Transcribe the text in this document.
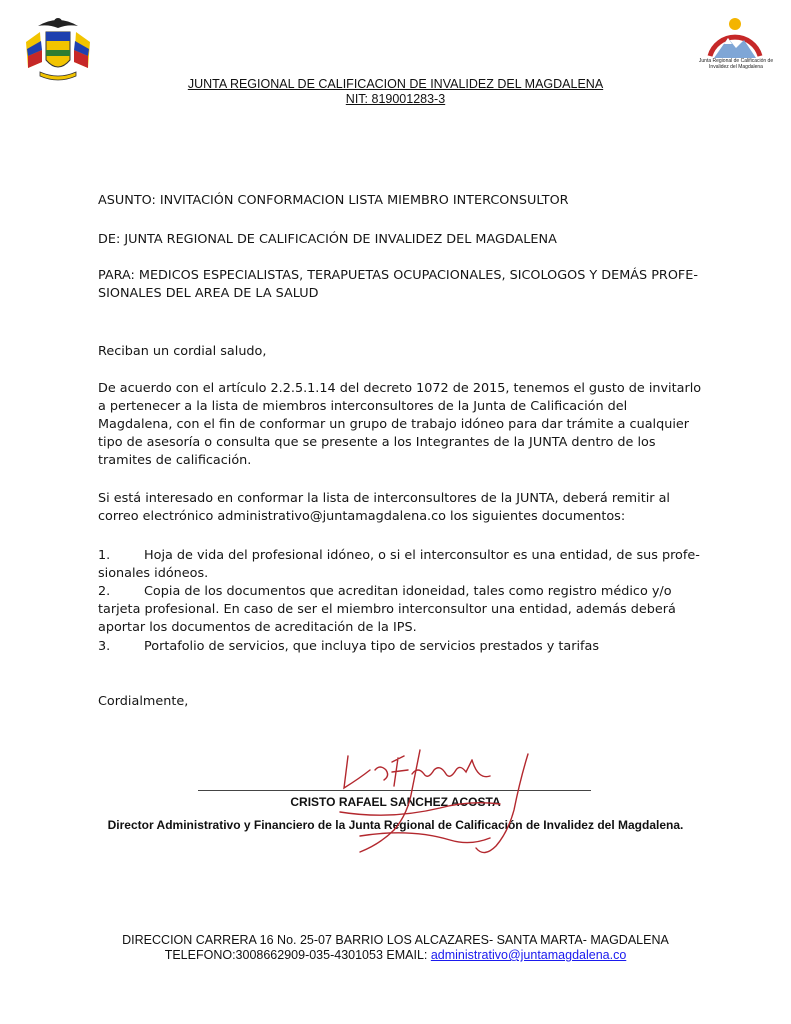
Junta Regional de Calificación de Invalidez del Magdalena
JUNTA REGIONAL DE CALIFICACION DE INVALIDEZ DEL MAGDALENA
NIT: 819001283-3
ASUNTO: INVITACIÓN CONFORMACION LISTA MIEMBRO INTERCONSULTOR
DE: JUNTA REGIONAL DE CALIFICACIÓN DE INVALIDEZ DEL MAGDALENA
PARA: MEDICOS ESPECIALISTAS, TERAPUETAS OCUPACIONALES, SICOLOGOS Y DEMÁS PROFE-
SIONALES DEL AREA DE LA SALUD
Reciban un cordial saludo,
De acuerdo con el artículo 2.2.5.1.14 del decreto 1072 de 2015, tenemos el gusto de invitarlo a pertenecer a la lista de miembros interconsultores de la Junta de Calificación del Magdalena, con el fin de conformar un grupo de trabajo idóneo para dar trámite a cualquier tipo de asesoría o consulta que se presente a los Integrantes de la JUNTA dentro de los tramites de calificación.
Si está interesado en conformar la lista de interconsultores de la JUNTA, deberá remitir al correo electrónico administrativo@juntamagdalena.co los siguientes documentos:
1.	Hoja de vida del profesional idóneo, o si el interconsultor es una entidad, de sus profe-sionales idóneos.
2.	Copia de los documentos que acreditan idoneidad, tales como registro médico y/o tarjeta profesional. En caso de ser el miembro interconsultor una entidad, además deberá aportar los documentos de acreditación de la IPS.
3.	Portafolio de servicios, que incluya tipo de servicios prestados y tarifas
Cordialmente,
CRISTO RAFAEL SANCHEZ ACOSTA
Director Administrativo y Financiero de la Junta Regional de Calificación de Invalidez del Magdalena.
DIRECCION CARRERA 16 No. 25-07 BARRIO LOS ALCAZARES- SANTA MARTA- MAGDALENA
TELEFONO:3008662909-035-4301053 EMAIL: administrativo@juntamagdalena.co
